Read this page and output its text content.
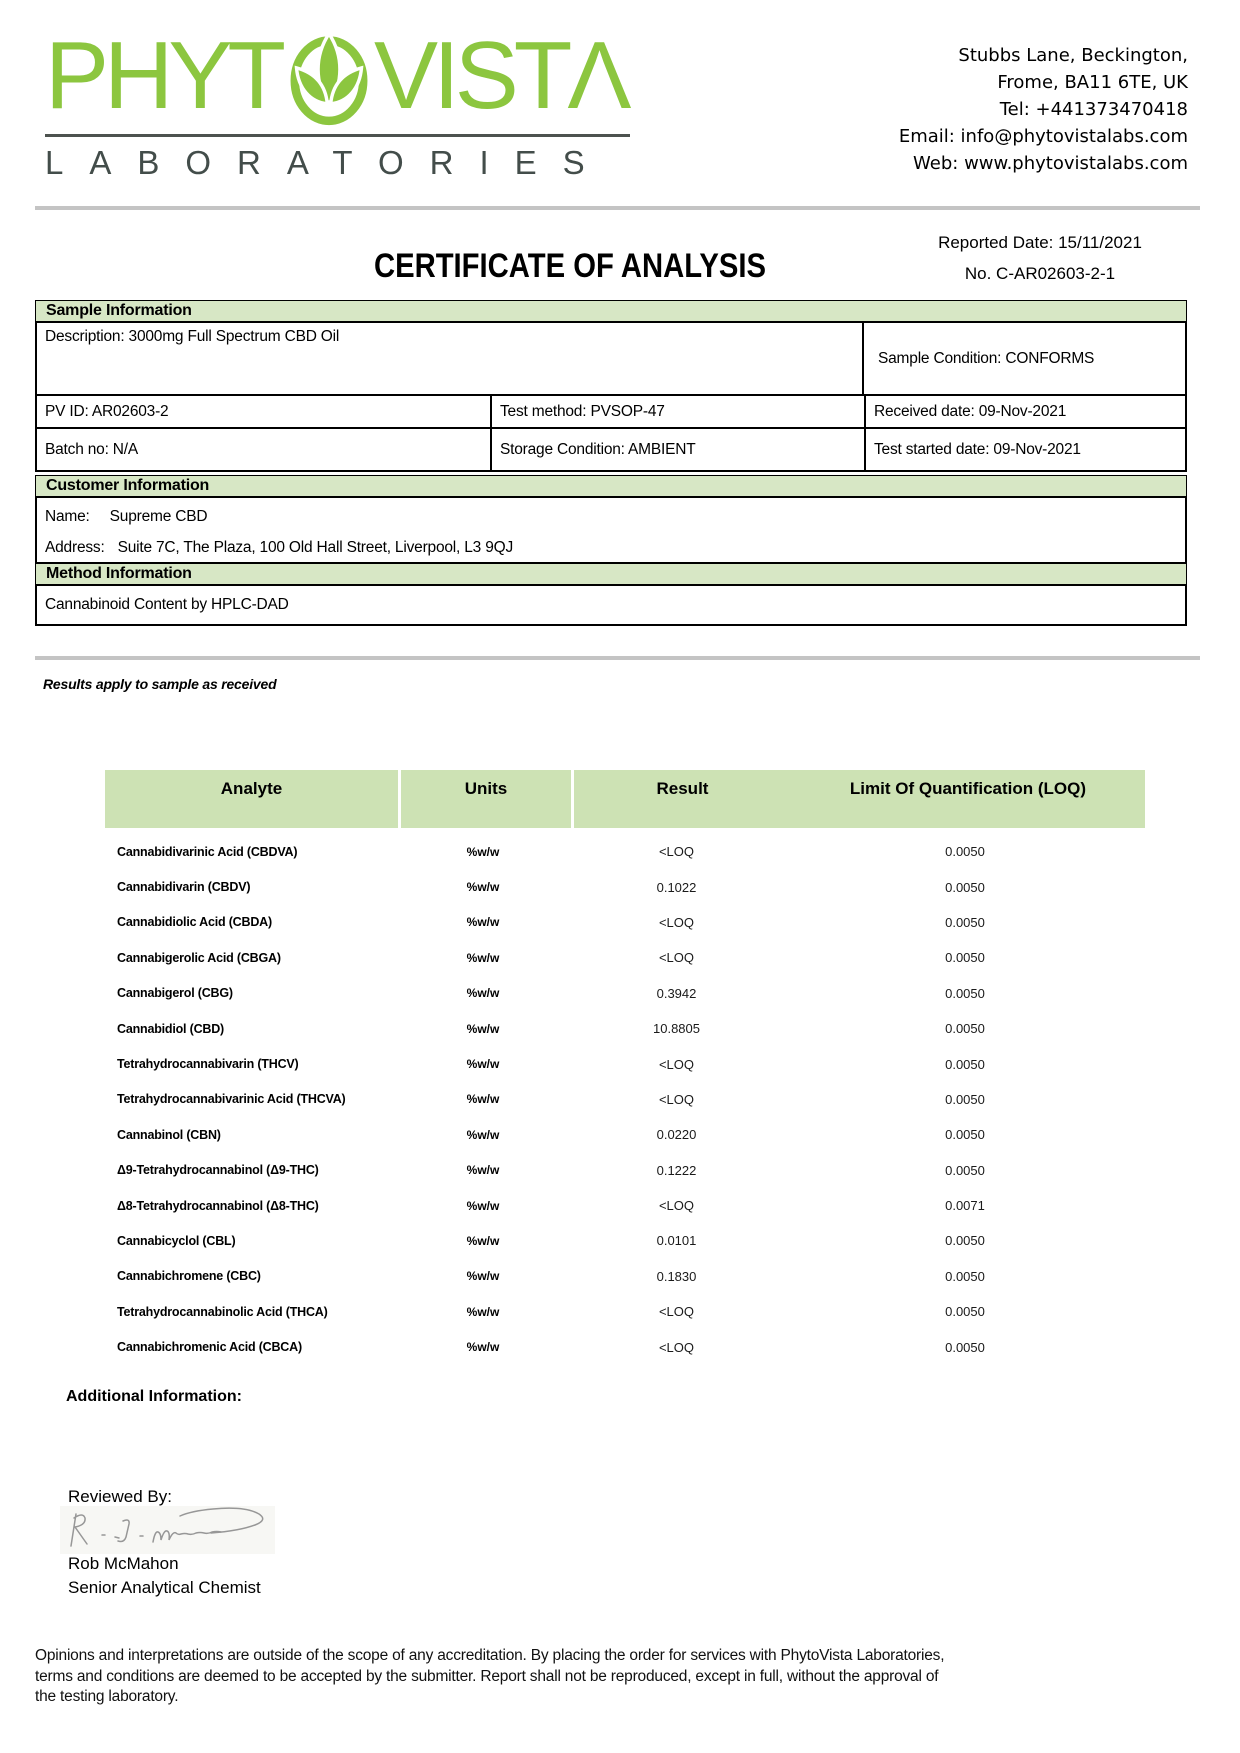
PHYT VISTΛ
LABORATORIES
Stubbs Lane, Beckington,
Frome, BA11 6TE, UK
Tel: +441373470418
Email: info@phytovistalabs.com
Web: www.phytovistalabs.com
CERTIFICATE OF ANALYSIS
Reported Date: 15/11/2021
No. C-AR02603-2-1
Sample Information
Description: 3000mg Full Spectrum CBD Oil
Sample Condition: CONFORMS
PV ID: AR02603-2	Test method: PVSOP-47	Received date: 09-Nov-2021
Batch no: N/A	Storage Condition: AMBIENT	Test started date: 09-Nov-2021
Customer Information
Name: Supreme CBD
Address: Suite 7C, The Plaza, 100 Old Hall Street, Liverpool, L3 9QJ
Method Information
Cannabinoid Content by HPLC-DAD
Results apply to sample as received
Analyte	Units	Result	Limit Of Quantification (LOQ)
Cannabidivarinic Acid (CBDVA)	%w/w	<LOQ	0.0050
Cannabidivarin (CBDV)	%w/w	0.1022	0.0050
Cannabidiolic Acid (CBDA)	%w/w	<LOQ	0.0050
Cannabigerolic Acid (CBGA)	%w/w	<LOQ	0.0050
Cannabigerol (CBG)	%w/w	0.3942	0.0050
Cannabidiol (CBD)	%w/w	10.8805	0.0050
Tetrahydrocannabivarin (THCV)	%w/w	<LOQ	0.0050
Tetrahydrocannabivarinic Acid (THCVA)	%w/w	<LOQ	0.0050
Cannabinol (CBN)	%w/w	0.0220	0.0050
Δ9-Tetrahydrocannabinol (Δ9-THC)	%w/w	0.1222	0.0050
Δ8-Tetrahydrocannabinol (Δ8-THC)	%w/w	<LOQ	0.0071
Cannabicyclol (CBL)	%w/w	0.0101	0.0050
Cannabichromene (CBC)	%w/w	0.1830	0.0050
Tetrahydrocannabinolic Acid (THCA)	%w/w	<LOQ	0.0050
Cannabichromenic Acid (CBCA)	%w/w	<LOQ	0.0050
Additional Information:
Reviewed By:
Rob McMahon
Senior Analytical Chemist
Opinions and interpretations are outside of the scope of any accreditation. By placing the order for services with PhytoVista Laboratories,
terms and conditions are deemed to be accepted by the submitter. Report shall not be reproduced, except in full, without the approval of
the testing laboratory.
